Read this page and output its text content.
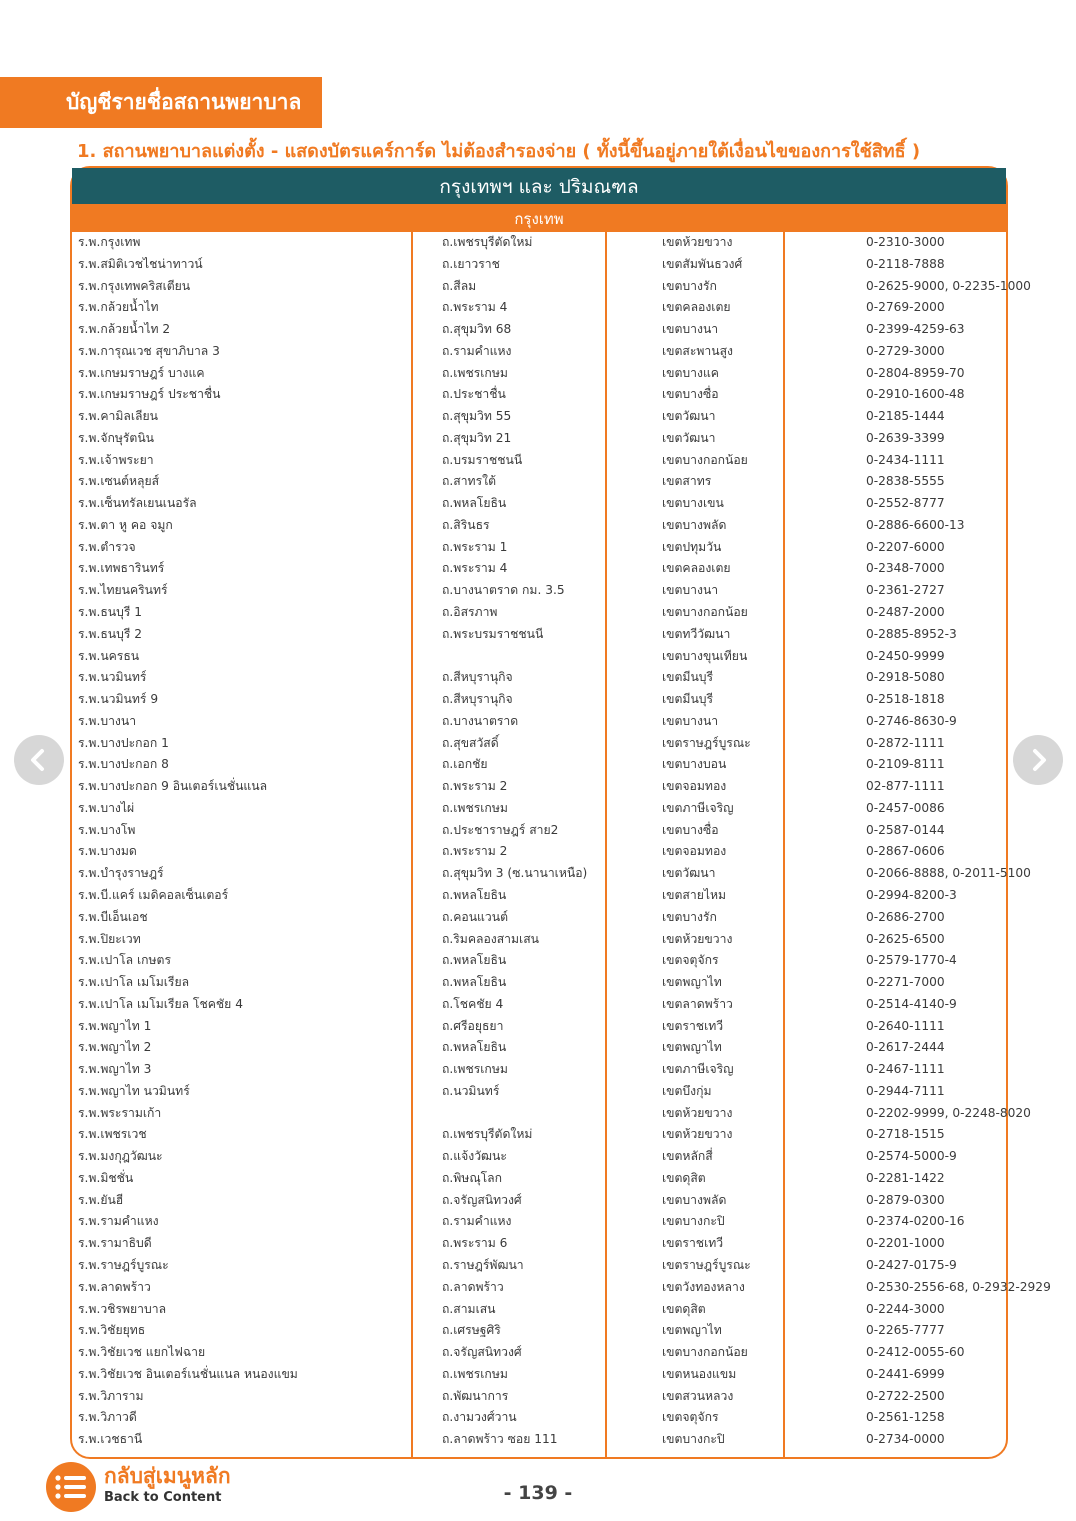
บัญชีรายชื่อสถานพยาบาล
1. สถานพยาบาลแต่งตั้ง - แสดงบัตรแคร์การ์ด ไม่ต้องสำรองจ่าย ( ทั้งนี้ขึ้นอยู่ภายใต้เงื่อนไขของการใช้สิทธิ์ )
กรุงเทพฯ และ ปริมณฑล
กรุงเทพ
ร.พ.กรุงเทพ	ถ.เพชรบุรีตัดใหม่	เขตห้วยขวาง	0-2310-3000
ร.พ.สมิติเวชไชน่าทาวน์	ถ.เยาวราช	เขตสัมพันธวงศ์	0-2118-7888
ร.พ.กรุงเทพคริสเตียน	ถ.สีลม	เขตบางรัก	0-2625-9000, 0-2235-1000
ร.พ.กล้วยน้ำไท	ถ.พระราม 4	เขตคลองเตย	0-2769-2000
ร.พ.กล้วยน้ำไท 2	ถ.สุขุมวิท 68	เขตบางนา	0-2399-4259-63
ร.พ.การุณเวช สุขาภิบาล 3	ถ.รามคำแหง	เขตสะพานสูง	0-2729-3000
ร.พ.เกษมราษฎร์ บางแค	ถ.เพชรเกษม	เขตบางแค	0-2804-8959-70
ร.พ.เกษมราษฎร์ ประชาชื่น	ถ.ประชาชื่น	เขตบางซื่อ	0-2910-1600-48
ร.พ.คามิลเลียน	ถ.สุขุมวิท 55	เขตวัฒนา	0-2185-1444
ร.พ.จักษุรัตนิน	ถ.สุขุมวิท 21	เขตวัฒนา	0-2639-3399
ร.พ.เจ้าพระยา	ถ.บรมราชชนนี	เขตบางกอกน้อย	0-2434-1111
ร.พ.เซนต์หลุยส์	ถ.สาทรใต้	เขตสาทร	0-2838-5555
ร.พ.เซ็นทรัลเยนเนอรัล	ถ.พหลโยธิน	เขตบางเขน	0-2552-8777
ร.พ.ตา หู คอ จมูก	ถ.สิรินธร	เขตบางพลัด	0-2886-6600-13
ร.พ.ตำรวจ	ถ.พระราม 1	เขตปทุมวัน	0-2207-6000
ร.พ.เทพธารินทร์	ถ.พระราม 4	เขตคลองเตย	0-2348-7000
ร.พ.ไทยนครินทร์	ถ.บางนาตราด กม. 3.5	เขตบางนา	0-2361-2727
ร.พ.ธนบุรี 1	ถ.อิสรภาพ	เขตบางกอกน้อย	0-2487-2000
ร.พ.ธนบุรี 2	ถ.พระบรมราชชนนี	เขตทวีวัฒนา	0-2885-8952-3
ร.พ.นครธน		เขตบางขุนเทียน	0-2450-9999
ร.พ.นวมินทร์	ถ.สีหบุรานุกิจ	เขตมีนบุรี	0-2918-5080
ร.พ.นวมินทร์ 9	ถ.สีหบุรานุกิจ	เขตมีนบุรี	0-2518-1818
ร.พ.บางนา	ถ.บางนาตราด	เขตบางนา	0-2746-8630-9
ร.พ.บางปะกอก 1	ถ.สุขสวัสดิ์	เขตราษฎร์บูรณะ	0-2872-1111
ร.พ.บางปะกอก 8	ถ.เอกชัย	เขตบางบอน	0-2109-8111
ร.พ.บางปะกอก 9 อินเตอร์เนชั่นแนล	ถ.พระราม 2	เขตจอมทอง	02-877-1111
ร.พ.บางไผ่	ถ.เพชรเกษม	เขตภาษีเจริญ	0-2457-0086
ร.พ.บางโพ	ถ.ประชาราษฎร์ สาย2	เขตบางซื่อ	0-2587-0144
ร.พ.บางมด	ถ.พระราม 2	เขตจอมทอง	0-2867-0606
ร.พ.บำรุงราษฎร์	ถ.สุขุมวิท 3 (ซ.นานาเหนือ)	เขตวัฒนา	0-2066-8888, 0-2011-5100
ร.พ.บี.แคร์ เมดิคอลเซ็นเตอร์	ถ.พหลโยธิน	เขตสายไหม	0-2994-8200-3
ร.พ.บีเอ็นเอช	ถ.คอนแวนต์	เขตบางรัก	0-2686-2700
ร.พ.ปิยะเวท	ถ.ริมคลองสามเสน	เขตห้วยขวาง	0-2625-6500
ร.พ.เปาโล เกษตร	ถ.พหลโยธิน	เขตจตุจักร	0-2579-1770-4
ร.พ.เปาโล เมโมเรียล	ถ.พหลโยธิน	เขตพญาไท	0-2271-7000
ร.พ.เปาโล เมโมเรียล โชคชัย 4	ถ.โชคชัย 4	เขตลาดพร้าว	0-2514-4140-9
ร.พ.พญาไท 1	ถ.ศรีอยุธยา	เขตราชเทวี	0-2640-1111
ร.พ.พญาไท 2	ถ.พหลโยธิน	เขตพญาไท	0-2617-2444
ร.พ.พญาไท 3	ถ.เพชรเกษม	เขตภาษีเจริญ	0-2467-1111
ร.พ.พญาไท นวมินทร์	ถ.นวมินทร์	เขตบึงกุ่ม	0-2944-7111
ร.พ.พระรามเก้า		เขตห้วยขวาง	0-2202-9999, 0-2248-8020
ร.พ.เพชรเวช	ถ.เพชรบุรีตัดใหม่	เขตห้วยขวาง	0-2718-1515
ร.พ.มงกุฎวัฒนะ	ถ.แจ้งวัฒนะ	เขตหลักสี่	0-2574-5000-9
ร.พ.มิชชั่น	ถ.พิษณุโลก	เขตดุสิต	0-2281-1422
ร.พ.ยันฮี	ถ.จรัญสนิทวงศ์	เขตบางพลัด	0-2879-0300
ร.พ.รามคำแหง	ถ.รามคำแหง	เขตบางกะปิ	0-2374-0200-16
ร.พ.รามาธิบดี	ถ.พระราม 6	เขตราชเทวี	0-2201-1000
ร.พ.ราษฎร์บูรณะ	ถ.ราษฎร์พัฒนา	เขตราษฎร์บูรณะ	0-2427-0175-9
ร.พ.ลาดพร้าว	ถ.ลาดพร้าว	เขตวังทองหลาง	0-2530-2556-68, 0-2932-2929
ร.พ.วชิรพยาบาล	ถ.สามเสน	เขตดุสิต	0-2244-3000
ร.พ.วิชัยยุทธ	ถ.เศรษฐศิริ	เขตพญาไท	0-2265-7777
ร.พ.วิชัยเวช แยกไฟฉาย	ถ.จรัญสนิทวงศ์	เขตบางกอกน้อย	0-2412-0055-60
ร.พ.วิชัยเวช อินเตอร์เนชั่นแนล หนองแขม	ถ.เพชรเกษม	เขตหนองแขม	0-2441-6999
ร.พ.วิภาราม	ถ.พัฒนาการ	เขตสวนหลวง	0-2722-2500
ร.พ.วิภาวดี	ถ.งามวงศ์วาน	เขตจตุจักร	0-2561-1258
ร.พ.เวชธานี	ถ.ลาดพร้าว ซอย 111	เขตบางกะปิ	0-2734-0000
กลับสู่เมนูหลัก
Back to Content	- 139 -
